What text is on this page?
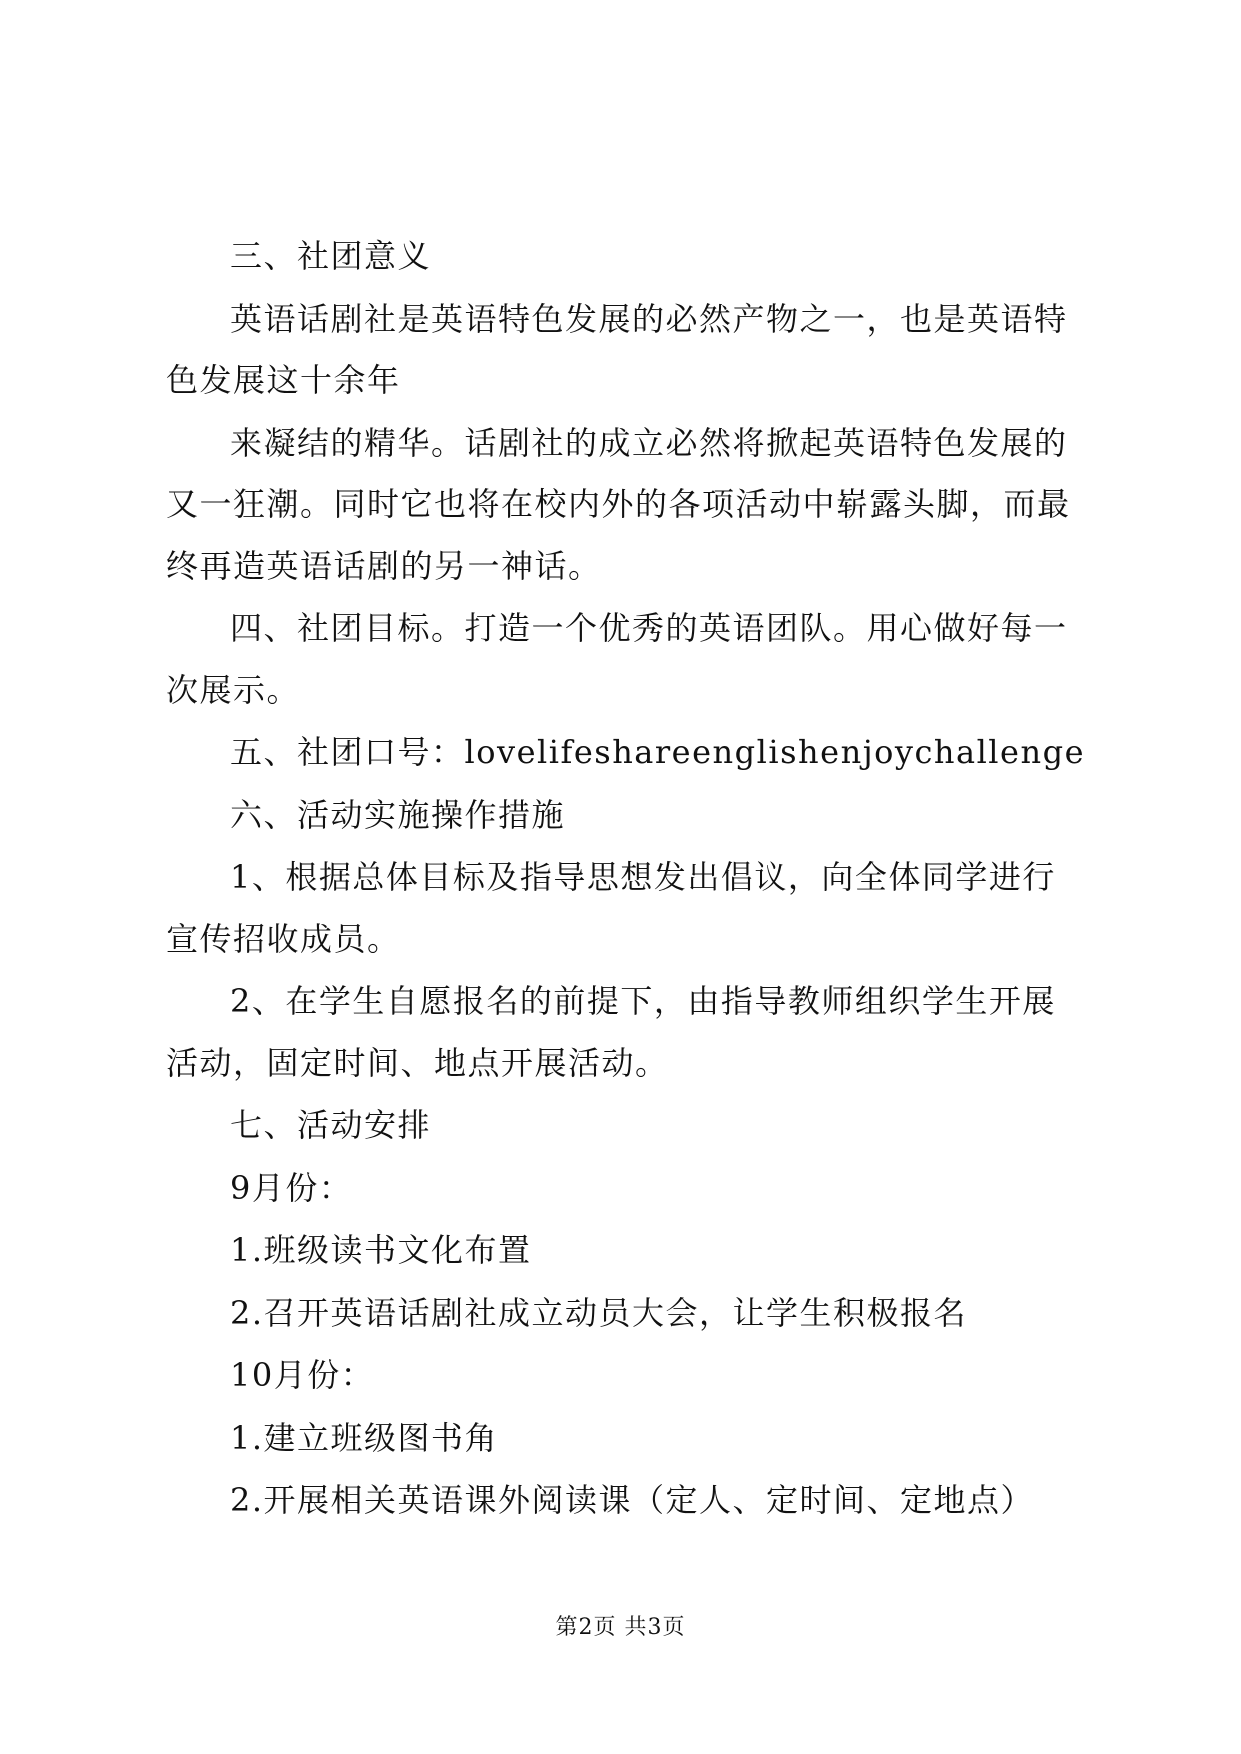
三、社团意义

英语话剧社是英语特色发展的必然产物之一，也是英语特色发展这十余年

来凝结的精华。话剧社的成立必然将掀起英语特色发展的又一狂潮。同时它也将在校内外的各项活动中崭露头脚，而最终再造英语话剧的另一神话。

四、社团目标。打造一个优秀的英语团队。用心做好每一次展示。

五、社团口号：lovelifeshareenglishenjoychallenge

六、活动实施操作措施

1、根据总体目标及指导思想发出倡议，向全体同学进行宣传招收成员。

2、在学生自愿报名的前提下，由指导教师组织学生开展活动，固定时间、地点开展活动。

七、活动安排

9月份：

1.班级读书文化布置

2.召开英语话剧社成立动员大会，让学生积极报名

10月份：

1.建立班级图书角

2.开展相关英语课外阅读课（定人、定时间、定地点）

第2页 共3页
